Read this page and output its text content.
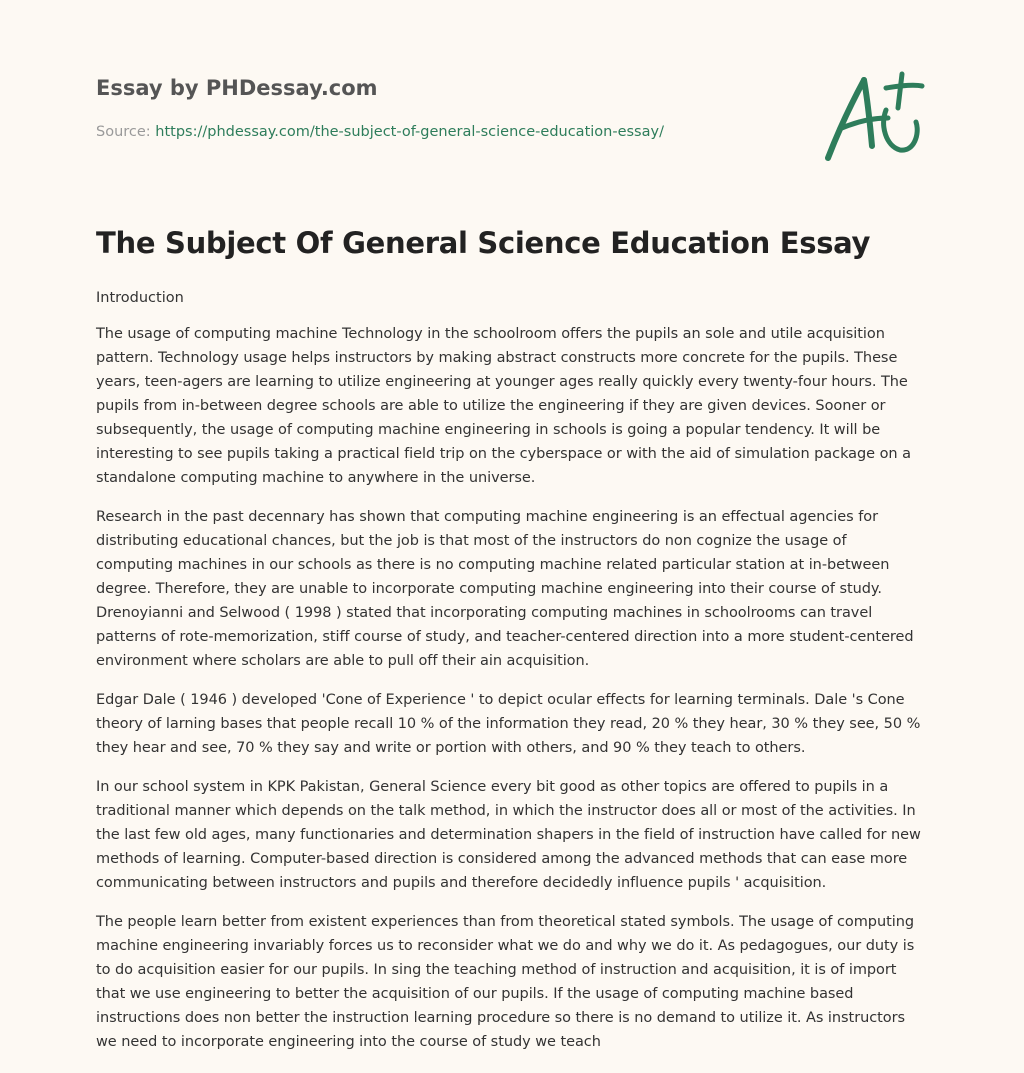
Essay by PHDessay.com
Source: https://phdessay.com/the-subject-of-general-science-education-essay/
The Subject Of General Science Education Essay

Introduction

The usage of computing machine Technology in the schoolroom offers the pupils an sole and utile acquisition pattern. Technology usage helps instructors by making abstract constructs more concrete for the pupils. These years, teen-agers are learning to utilize engineering at younger ages really quickly every twenty-four hours. The pupils from in-between degree schools are able to utilize the engineering if they are given devices. Sooner or subsequently, the usage of computing machine engineering in schools is going a popular tendency. It will be interesting to see pupils taking a practical field trip on the cyberspace or with the aid of simulation package on a standalone computing machine to anywhere in the universe.

Research in the past decennary has shown that computing machine engineering is an effectual agencies for distributing educational chances, but the job is that most of the instructors do non cognize the usage of computing machines in our schools as there is no computing machine related particular station at in-between degree. Therefore, they are unable to incorporate computing machine engineering into their course of study. Drenoyianni and Selwood ( 1998 ) stated that incorporating computing machines in schoolrooms can travel patterns of rote-memorization, stiff course of study, and teacher-centered direction into a more student-centered environment where scholars are able to pull off their ain acquisition.

Edgar Dale ( 1946 ) developed 'Cone of Experience ' to depict ocular effects for learning terminals. Dale 's Cone theory of larning bases that people recall 10 % of the information they read, 20 % they hear, 30 % they see, 50 % they hear and see, 70 % they say and write or portion with others, and 90 % they teach to others.

In our school system in KPK Pakistan, General Science every bit good as other topics are offered to pupils in a traditional manner which depends on the talk method, in which the instructor does all or most of the activities. In the last few old ages, many functionaries and determination shapers in the field of instruction have called for new methods of learning. Computer-based direction is considered among the advanced methods that can ease more communicating between instructors and pupils and therefore decidedly influence pupils ' acquisition.

The people learn better from existent experiences than from theoretical stated symbols. The usage of computing machine engineering invariably forces us to reconsider what we do and why we do it. As pedagogues, our duty is to do acquisition easier for our pupils. In sing the teaching method of instruction and acquisition, it is of import that we use engineering to better the acquisition of our pupils. If the usage of computing machine based instructions does non better the instruction learning procedure so there is no demand to utilize it. As instructors we need to incorporate engineering into the course of study we teach
